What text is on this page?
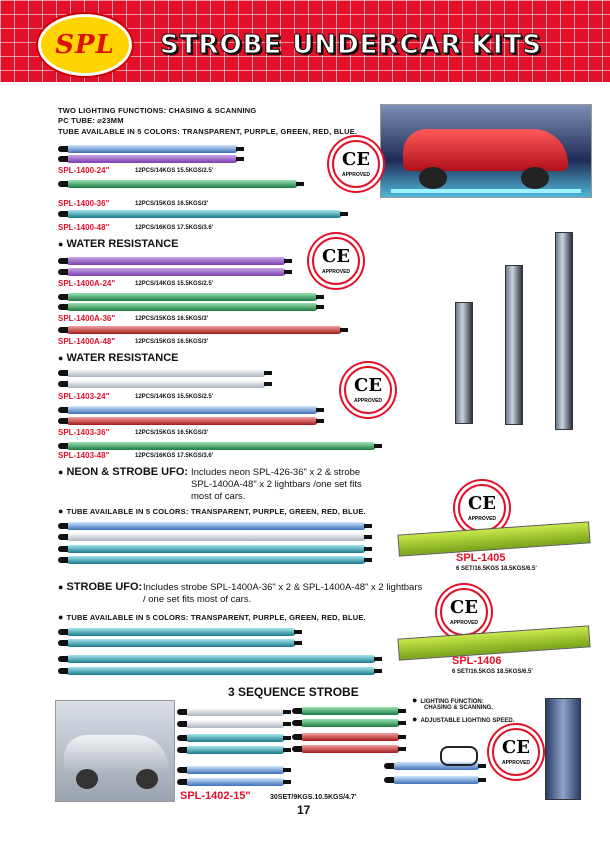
SPL	STROBE UNDERCAR KITS
TWO LIGHTING FUNCTIONS: CHASING & SCANNING
PC TUBE: ⌀23MM
TUBE AVAILABLE IN 5 COLORS: TRANSPARENT, PURPLE, GREEN, RED, BLUE.
SPL-1400-24"	12PCS/14KGS 15.5KGS/2.5'
SPL-1400-36"	12PCS/15KGS 16.5KGS/3'
SPL-1400-48"	12PCS/16KGS 17.5KGS/3.6'
CE
APPROVED
● WATER RESISTANCE
CE
APPROVED
SPL-1400A-24"	12PCS/14KGS 15.5KGS/2.5'
SPL-1400A-36"	12PCS/15KGS 16.5KGS/3'
SPL-1400A-48"	12PCS/15KGS 16.5KGS/3'
● WATER RESISTANCE
CE
APPROVED
SPL-1403-24"	12PCS/14KGS 15.5KGS/2.5'
SPL-1403-36"	12PCS/15KGS 16.5KGS/3'
SPL-1403-48"	12PCS/16KGS 17.5KGS/3.6'
● NEON & STROBE UFO: Includes neon SPL-426-36" x 2 & strobe
SPL-1400A-48" x 2 lightbars /one set fits
most of cars.
● TUBE AVAILABLE IN 5 COLORS: TRANSPARENT, PURPLE, GREEN, RED, BLUE.	CE
APPROVED
SPL-1405
6 SET/16.5KGS 18.5KGS/6.5'
● STROBE UFO: Includes strobe SPL-1400A-36" x 2 & SPL-1400A-48" x 2 lightbars
/ one set fits most of cars.
● TUBE AVAILABLE IN 5 COLORS: TRANSPARENT, PURPLE, GREEN, RED, BLUE.	CE
APPROVED
SPL-1406
6 SET/16.5KGS 18.5KGS/6.5'
3 SEQUENCE STROBE
● LIGHTING FUNCTION:
CHASING & SCANNING.
● ADJUSTABLE LIGHTING SPEED.
CE
APPROVED
SPL-1402-15"	30SET/9KGS.10.5KGS/4.7'
17
